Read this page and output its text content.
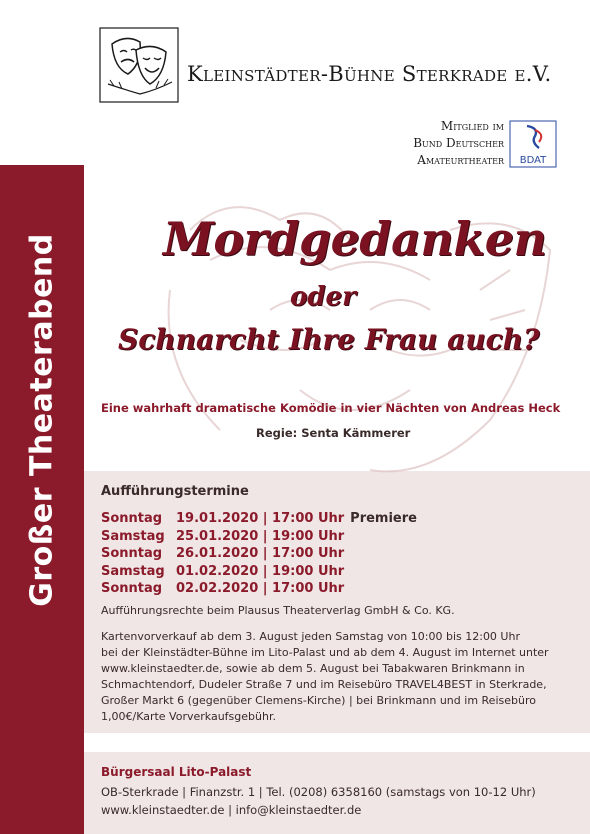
Großer Theaterabend
Kleinstädter-Bühne Sterkrade e.V.
Mitglied im
Bund Deutscher
Amateurtheater BDAT
Mordgedanken
oder
Schnarcht Ihre Frau auch?
Eine wahrhaft dramatische Komödie in vier Nächten von Andreas Heck
Regie: Senta Kämmerer
Aufführungstermine
Sonntag	19.01.2020 | 17:00 Uhr Premiere
Samstag 25.01.2020 | 19:00 Uhr
Sonntag	26.01.2020 | 17:00 Uhr
Samstag 01.02.2020 | 19:00 Uhr
Sonntag	02.02.2020 | 17:00 Uhr
Aufführungsrechte beim Plausus Theaterverlag GmbH & Co. KG.
Kartenvorverkauf ab dem 3. August jeden Samstag von 10:00 bis 12:00 Uhr
bei der Kleinstädter-Bühne im Lito-Palast und ab dem 4. August im Internet unter
www.kleinstaedter.de, sowie ab dem 5. August bei Tabakwaren Brinkmann in
Schmachtendorf, Dudeler Straße 7 und im Reisebüro TRAVEL4BEST in Sterkrade,
Großer Markt 6 (gegenüber Clemens-Kirche) | bei Brinkmann und im Reisebüro
1,00€/Karte Vorverkaufsgebühr.
Bürgersaal Lito-Palast
OB-Sterkrade | Finanzstr. 1 | Tel. (0208) 6358160 (samstags von 10-12 Uhr)
www.kleinstaedter.de | info@kleinstaedter.de
